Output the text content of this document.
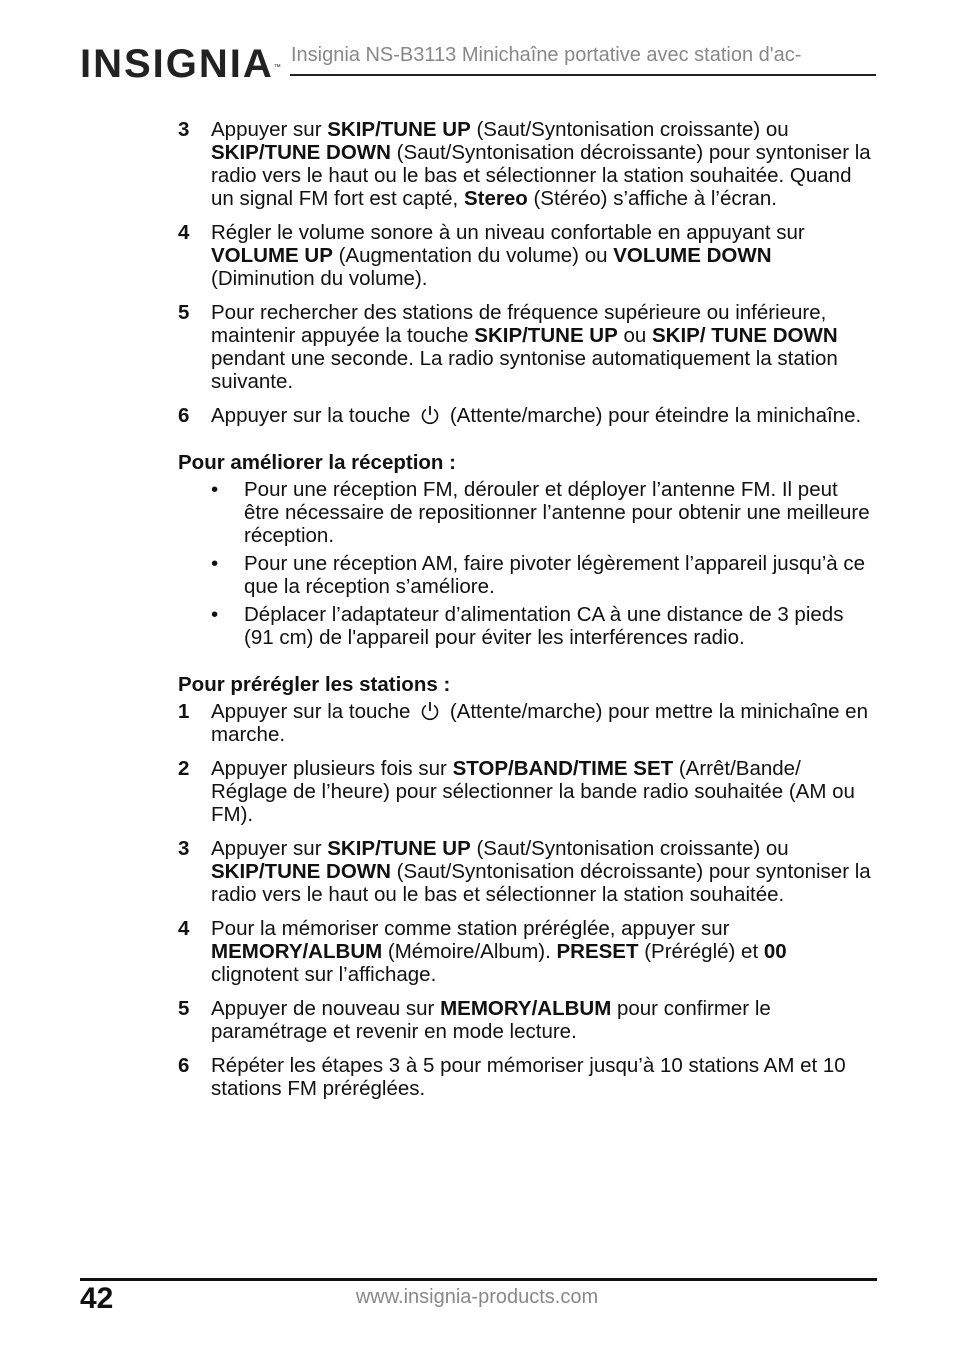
INSIGNIA™
Insignia NS-B3113 Minichaîne portative avec station d'ac-
3 Appuyer sur SKIP/TUNE UP (Saut/Syntonisation croissante) ou SKIP/TUNE DOWN (Saut/Syntonisation décroissante) pour syntoniser la radio vers le haut ou le bas et sélectionner la station souhaitée. Quand un signal FM fort est capté, Stereo (Stéréo) s’affiche à l’écran.

4 Régler le volume sonore à un niveau confortable en appuyant sur VOLUME UP (Augmentation du volume) ou VOLUME DOWN (Diminution du volume).

5 Pour rechercher des stations de fréquence supérieure ou inférieure, maintenir appuyée la touche SKIP/TUNE UP ou SKIP/ TUNE DOWN pendant une seconde. La radio syntonise automatiquement la station suivante.

6 Appuyer sur la touche  (Attente/marche) pour éteindre la minichaîne.

Pour améliorer la réception :
• Pour une réception FM, dérouler et déployer l’antenne FM. Il peut être nécessaire de repositionner l’antenne pour obtenir une meilleure réception.
• Pour une réception AM, faire pivoter légèrement l’appareil jusqu’à ce que la réception s’améliore.
• Déplacer l’adaptateur d’alimentation CA à une distance de 3 pieds (91 cm) de l'appareil pour éviter les interférences radio.
Pour prérégler les stations :
1 Appuyer sur la touche  (Attente/marche) pour mettre la minichaîne en marche.

2 Appuyer plusieurs fois sur STOP/BAND/TIME SET (Arrêt/Bande/ Réglage de l’heure) pour sélectionner la bande radio souhaitée (AM ou FM).

3 Appuyer sur SKIP/TUNE UP (Saut/Syntonisation croissante) ou SKIP/TUNE DOWN (Saut/Syntonisation décroissante) pour syntoniser la radio vers le haut ou le bas et sélectionner la station souhaitée.

4 Pour la mémoriser comme station préréglée, appuyer sur MEMORY/ALBUM (Mémoire/Album). PRESET (Préréglé) et 00 clignotent sur l’affichage.

5 Appuyer de nouveau sur MEMORY/ALBUM pour confirmer le paramétrage et revenir en mode lecture.

6 Répéter les étapes 3 à 5 pour mémoriser jusqu’à 10 stations AM et 10 stations FM préréglées.

42	www.insignia-products.com
